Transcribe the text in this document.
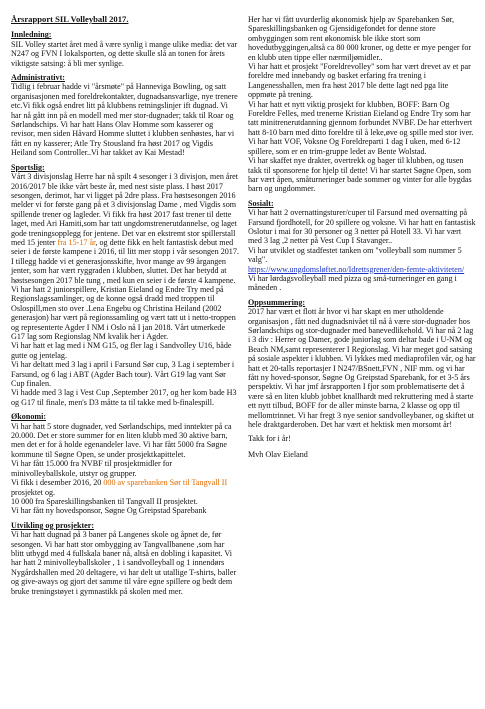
Årsrapport SIL Volleyball 2017.
Innledning:
SIL Volley startet året med å være synlig i mange ulike media: det var N247 og FVN I lokalsporten, og dette skulle slå an tonen for årets viktigste satsing: å bli mer synlige.
Administrativt:
Tidlig i februar hadde vi "årsmøte" på Hanneviga Bowling, og satt organisasjonen med foreldrekontakter, dugnadsansvarlige, nye trenere etc.Vi fikk også endret litt på klubbens retningslinjer ift dugnad. Vi har nå gått inn på en modell med mer stor-dugnader; takk til Roar og Sørlandschips. Vi har hatt Hans Olav Homme som kasserer og revisor, men siden Håvard Homme sluttet i klubben senhøstes, har vi fått en ny kasserer; Atle Try Stousland fra høst 2017 og Vigdis Heiland som Controller..Vi har takket av Kai Mestad!
Sportslig:
Vårt 3 divisjonslag Herre har nå spilt 4 sesonger i 3 divisjon, men året 2016/2017 ble ikke vårt beste år, med nest siste plass. I høst 2017 sesongen, derimot, har vi ligget på 2dre plass. Fra høstsesongen 2016 melder vi for første gang på et 3 divisjonslag Dame , med Vigdis som spillende trener og lagleder. Vi fikk fra høst 2017 fast trener til dette laget, med Ari Hamiti,som har tatt ungdomstrenerutdannelse, og laget gode treningsopplegg for jentene. Det var en ekstremt stor spillerstall med 15 jenter fra 15-17 år, og dette fikk en helt fantastisk debut med seier i de første kampene i 2016, til litt mer stopp i vår sesongen 2017. I tillegg hadde vi et generasjonsskifte, hvor mange av 99 årgangen jenter, som har vært ryggraden i klubben, sluttet. Det har betydd at høstsesongen 2017 ble tung , med kun en seier i de første 4 kampene. Vi har hatt 2 juniorspillere, Kristian Eieland og Endre Try med på Regionslagssamlinger, og de konne også dradd med troppen til Oslospill,men sto over .Lena Engebu og Christina Heiland (2002 generasjon) har vært på regionssamling og vært tatt ut i netto-troppen og representerte Agder I NM i Oslo nå I jan 2018. Vårt utmerkede G17 lag som Regionslag NM kvalik her i Agder.
Vi har hatt et lag med i NM G15, og fler lag i Sandvolley U16, både gutte og jentelag.
Vi har deltatt med 3 lag i april i Farsund Sør cup, 3 Lag i september i Farsund, og 6 lag i ABT (Agder Bach tour). Vårt G19 lag vant Sør Cup finalen.
Vi hadde med 3 lag i Vest Cup ,September 2017, og her kom bade H3 og G17 til finale, men's D3 måtte ta til takke med b-finalespill.
Økonomi:
Vi har hatt 5 store dugnader, ved Sørlandschips, med inntekter på ca 20.000. Det er store summer for en liten klubb med 30 aktive barn, men det er for å holde egenandeler lave. Vi har fått 5000 fra Søgne kommune til Søgne Open, se under prosjektkapittelet.
Vi har fått 15.000 fra NVBF til prosjektmidler for minivolleyballskole, utstyr og grupper.
Vi fikk i desember 2016, 20 000 av sparebanken Sør til Tangvall II prosjektet og.
10 000 fra Spareskillingsbanken til Tangvall II prosjektet.
Vi har fått ny hovedsponsor, Søgne Og Greipstad Sparebank
Utvikling og prosjekter:
Vi har hatt dugnad på 3 baner på Langenes skole og åpnet de, før sesongen. Vi har hatt stor ombygging av Tangvallbanene ,som har blitt utbygd med 4 fullskala baner nå, altså en dobling i kapasitet. Vi har hatt 2 minivolleyballskoler , 1 i sandvolleyball og 1 innendørs Nygårdshallen med 20 deltagere, vi har delt ut utallige T-shirts, baller og give-aways og gjort det samme til våre egne spillere og bedt dem bruke treningstøyet i gymnastikk på skolen med mer.
Her har vi fått uvurderlig økonomisk hjelp av Sparebanken Sør, Spareskillingsbanken og Gjensidigefondet for denne store ombyggingen som rent økonomisk ble ikke stort som hovedutbyggingen,altså ca 80 000 kroner, og dette er mye penger for en klubb uten tippe eller nærmiljømidler..
Vi har hatt et prosjekt "Foreldrevolley" som har vært drevet av et par foreldre med innebandy og basket erfaring fra trening i Langenesshallen, men fra høst 2017 ble dette lagt ned pga lite oppmøte på trening.
Vi har hatt et nytt viktig prosjekt for klubben, BOFF: Barn Og Foreldre Felles, med trenerne Kristian Eieland og Endre Try som har tatt minitrenerutdanning gjennom forbundet NVBF. De har etterhvert hatt 8-10 barn med ditto foreldre til å leke,øve og spille med stor iver.
Vi har hatt VOF, Voksne Og Foreldreparti 1 dag I uken, med 6-12 spillere, som er en trim-gruppe ledet av Bente Wolstad.
Vi har skaffet nye drakter, overtrekk og bager til klubben, og tusen takk til sponsorene for hjelp til dette! Vi har startet Søgne Open, som har vært åpen, småturneringer bade sommer og vinter for alle bygdas barn og ungdommer.
Sosialt:
Vi har hatt 2 overnattingsturer/cuper til Farsund med overnatting på Farsund fjordhotell, for 20 spillere og voksne. Vi har hatt en fantastisk Oslotur i mai for 30 personer og 3 netter på Hotell 33. Vi har vært med 3 lag ,2 netter på Vest Cup I Stavanger..
Vi har utviklet og stadfestet tanken om "volleyball som nummer 5 valg".
https://www.ungdomsløftet.no/Idrettsgrener/den-femte-aktiviteten/
Vi har lørdagsvolleyball med pizza og små-turneringer en gang i måneden .
Oppsummering:
2017 har vært et flott år hvor vi har skapt en mer utholdende organisasjon , fått ned dugnadsnivået til nå å være stor-dugnader hos Sørlandschips og stor-dugnader med banevedlikehold. Vi har nå 2 lag i 3 div : Herrer og Damer, gode juniorlag som deltar bade i U-NM og Beach NM,samt representerer I Regionslag. Vi har meget god satsing på sosiale aspekter i klubben. Vi lykkes med mediaprofilen vår, og har hatt et 20-talls reportasjer I N247/BSnett,FVN , NIF mm. og vi har fått ny hoved-sponsor, Søgne Og Greipstad Sparebank, for et 3-5 års perspektiv. Vi har jmf årsrapporten I fjor som problematiserte det å være så en liten klubb jobbet knallhardt med rekruttering med å starte ett nytt tilbud, BOFF for de aller minste barna, 2 klasse og opp til mellomtrinnet. Vi har fregt 3 nye senior sandvolleybaner, og skiftet ut hele draktgarderoben. Det har vært et hektisk men morsomt år!
Takk for i år!
Mvh Olav Eieland
